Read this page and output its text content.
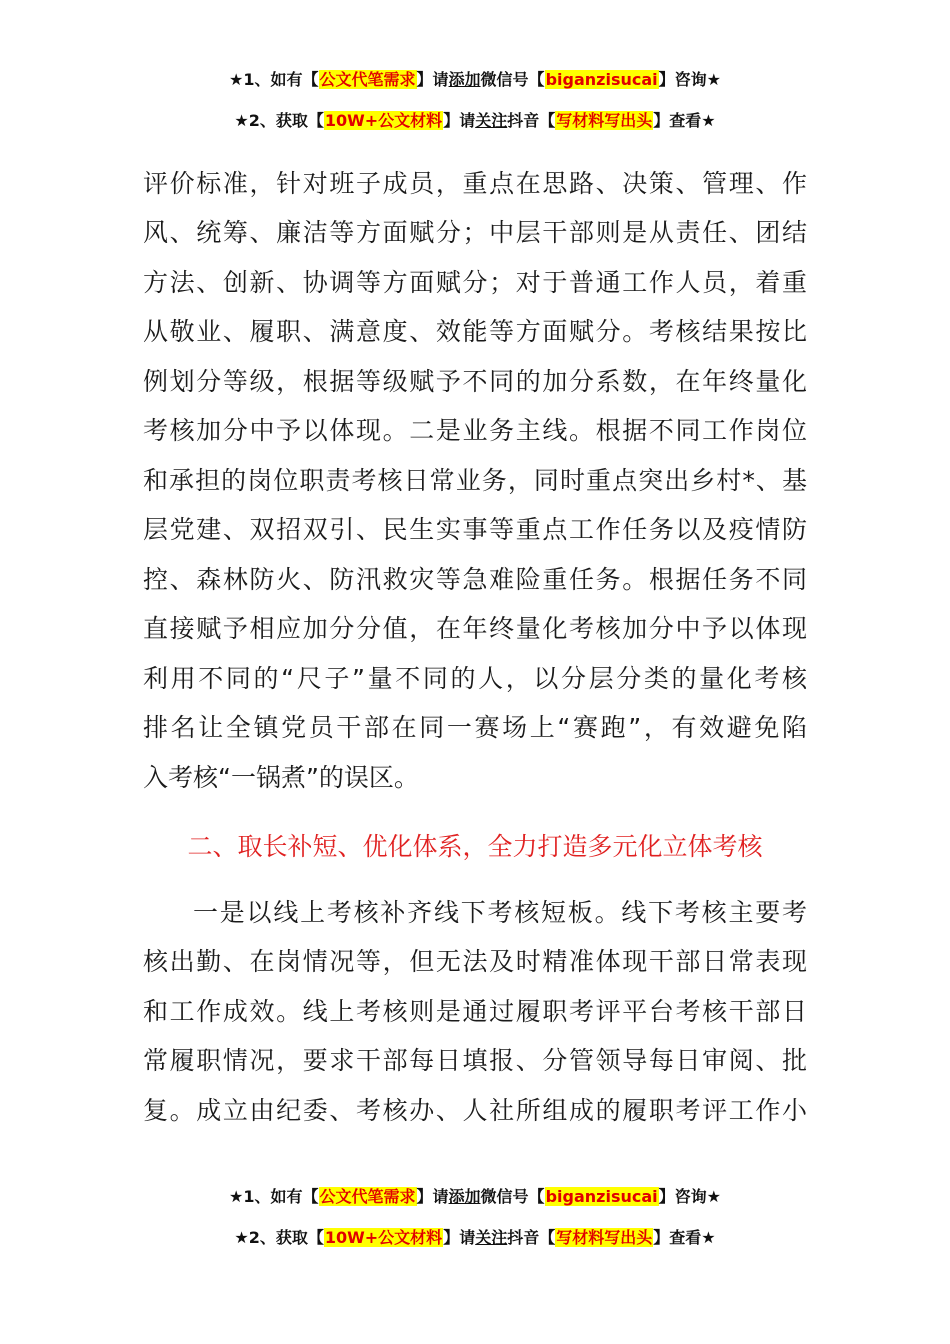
★1、如有【公文代笔需求】请添加微信号【biganzisucai】咨询★
★2、获取【10W+公文材料】请关注抖音【写材料写出头】查看★
评价标准，针对班子成员，重点在思路、决策、管理、作
风、统筹、廉洁等方面赋分；中层干部则是从责任、团结
方法、创新、协调等方面赋分；对于普通工作人员，着重
从敬业、履职、满意度、效能等方面赋分。考核结果按比
例划分等级，根据等级赋予不同的加分系数，在年终量化
考核加分中予以体现。二是业务主线。根据不同工作岗位
和承担的岗位职责考核日常业务，同时重点突出乡村*、基
层党建、双招双引、民生实事等重点工作任务以及疫情防
控、森林防火、防汛救灾等急难险重任务。根据任务不同
直接赋予相应加分分值，在年终量化考核加分中予以体现
利用不同的“尺子”量不同的人，以分层分类的量化考核
排名让全镇党员干部在同一赛场上“赛跑”，有效避免陷
入考核“一锅煮”的误区。
二、取长补短、优化体系，全力打造多元化立体考核
一是以线上考核补齐线下考核短板。线下考核主要考
核出勤、在岗情况等，但无法及时精准体现干部日常表现
和工作成效。线上考核则是通过履职考评平台考核干部日
常履职情况，要求干部每日填报、分管领导每日审阅、批
复。成立由纪委、考核办、人社所组成的履职考评工作小
★1、如有【公文代笔需求】请添加微信号【biganzisucai】咨询★
★2、获取【10W+公文材料】请关注抖音【写材料写出头】查看★
